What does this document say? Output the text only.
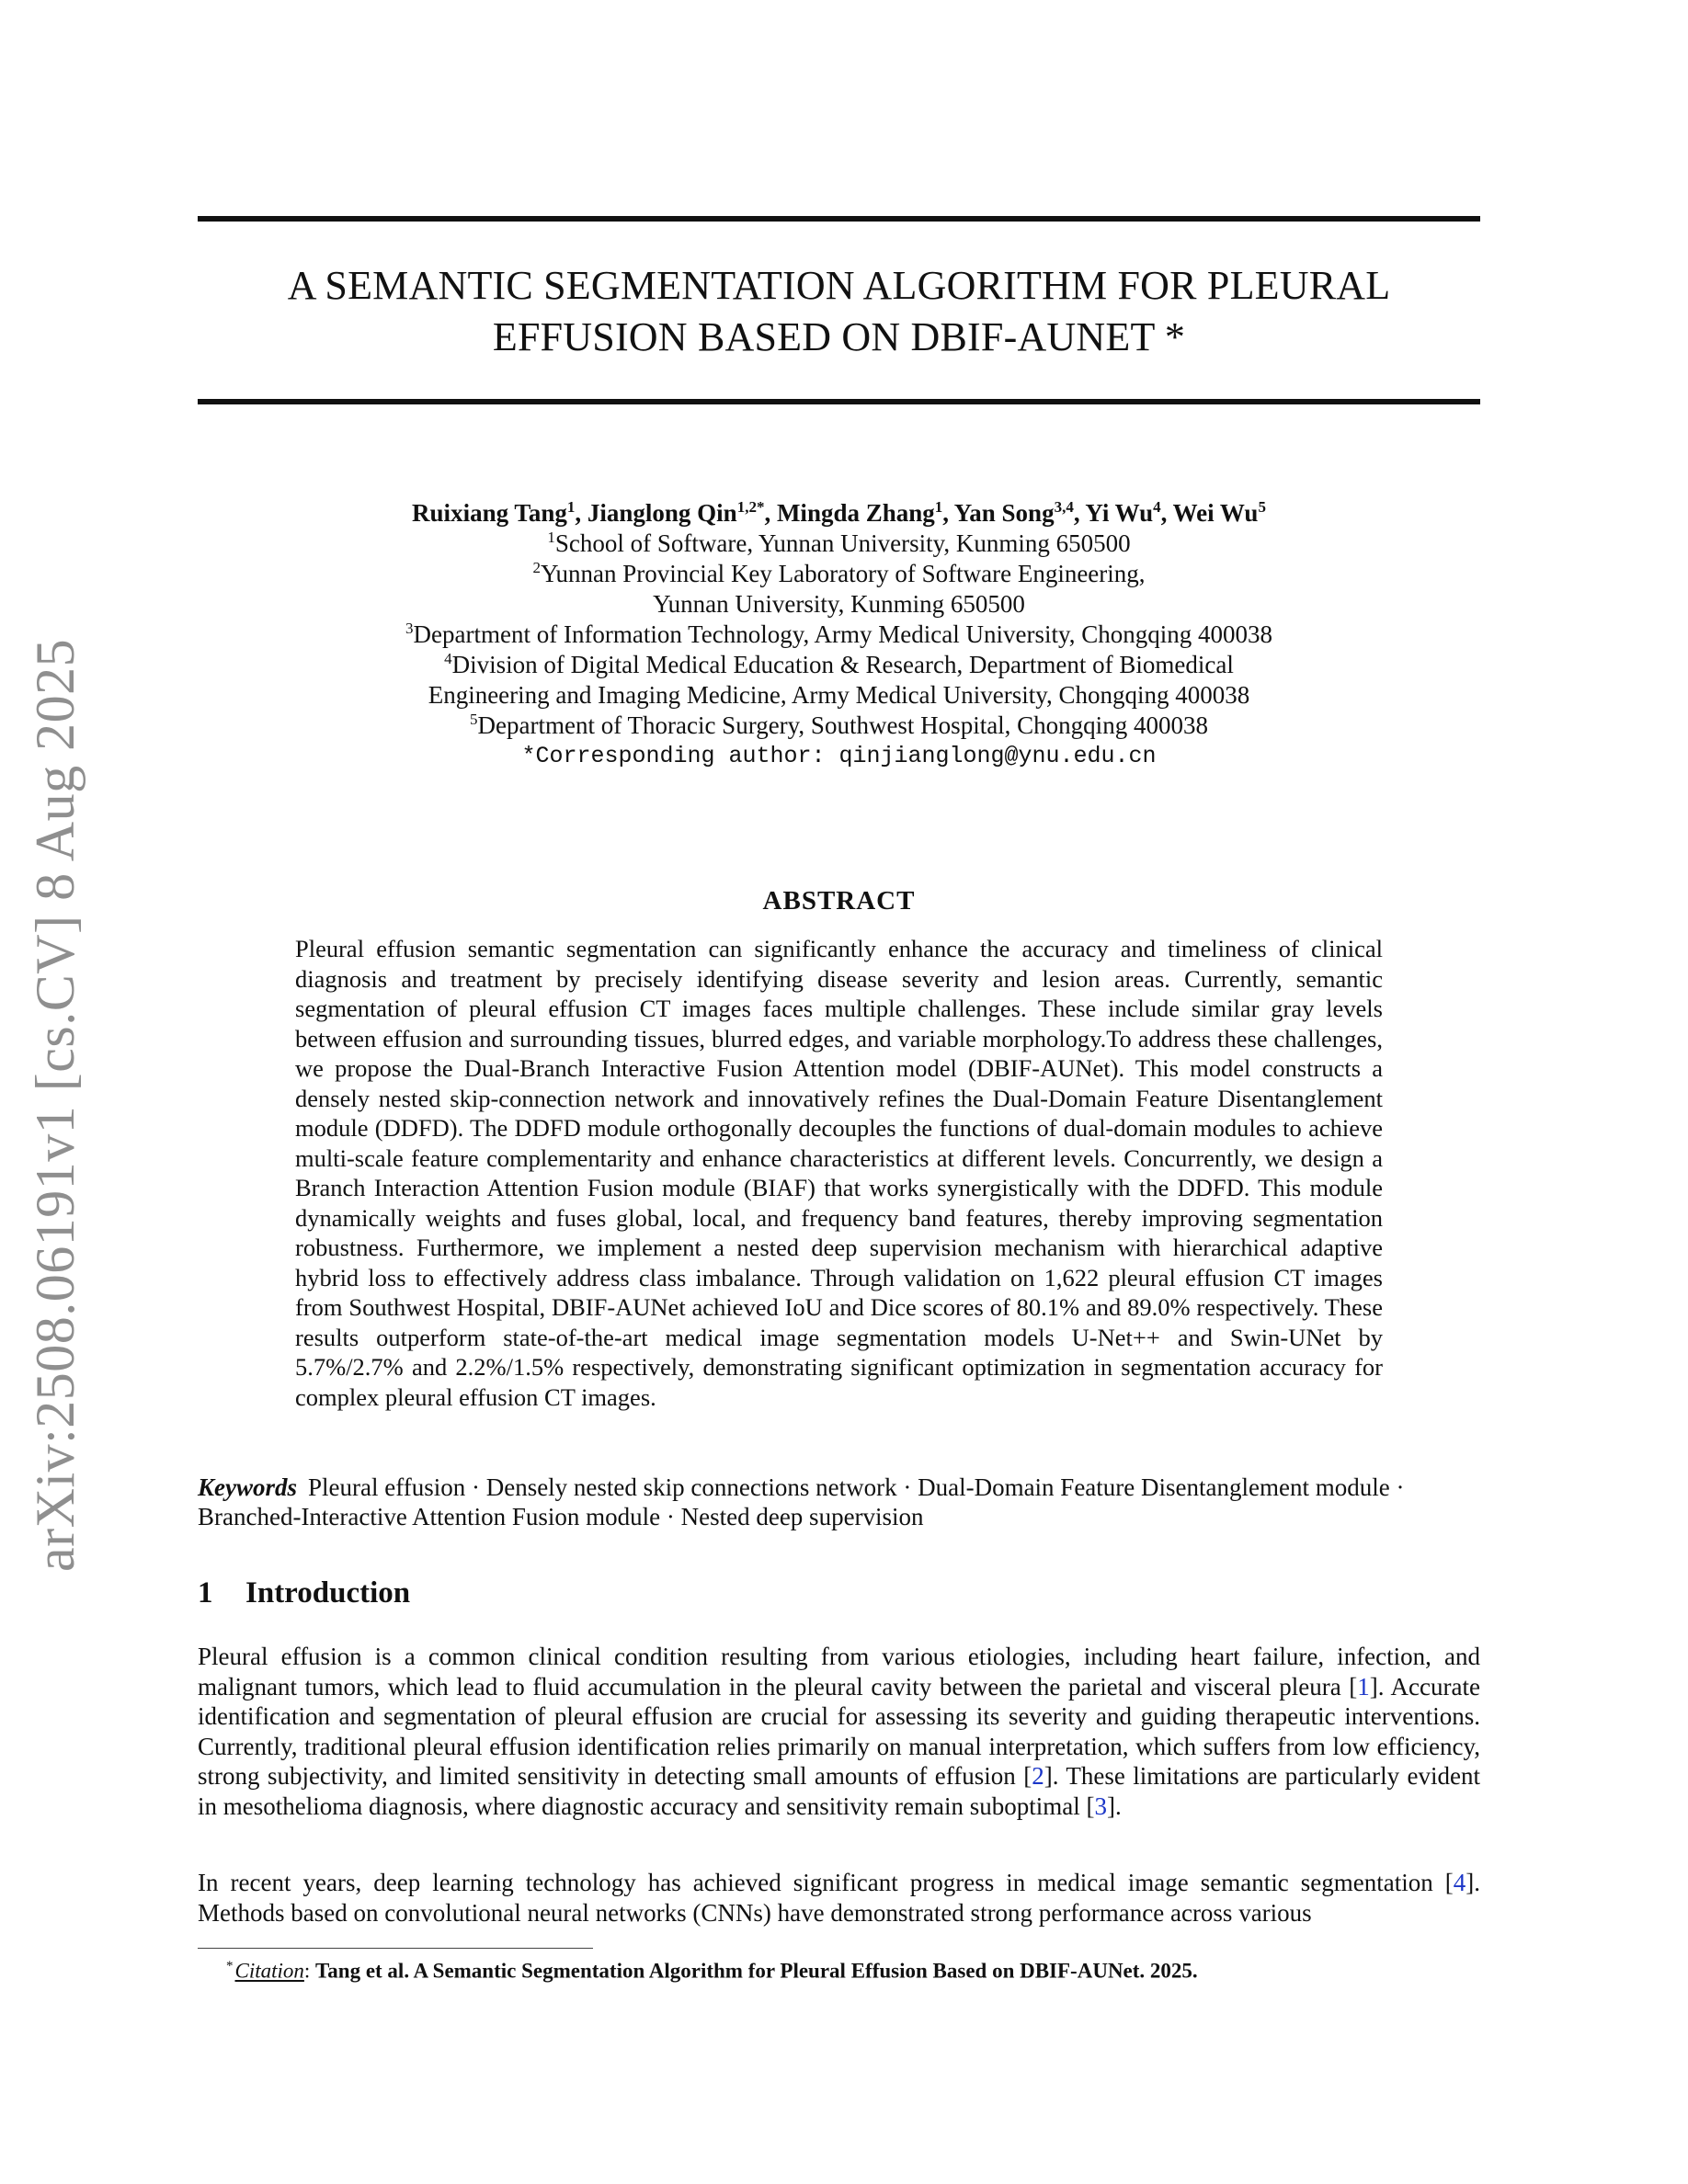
arXiv:2508.06191v1 [cs.CV] 8 Aug 2025
A SEMANTIC SEGMENTATION ALGORITHM FOR PLEURAL
EFFUSION BASED ON DBIF-AUNET *
Ruixiang Tang$^1$, Jianglong Qin$^{1,2*}$, Mingda Zhang$^1$, Yan Song$^{3,4}$, Yi Wu$^4$, Wei Wu$^5$
$^1$School of Software, Yunnan University, Kunming 650500
$^2$Yunnan Provincial Key Laboratory of Software Engineering,
Yunnan University, Kunming 650500
$^3$Department of Information Technology, Army Medical University, Chongqing 400038
$^4$Division of Digital Medical Education & Research, Department of Biomedical
Engineering and Imaging Medicine, Army Medical University, Chongqing 400038
$^5$Department of Thoracic Surgery, Southwest Hospital, Chongqing 400038
*Corresponding author: qinjianglong@ynu.edu.cn
ABSTRACT
Pleural effusion semantic segmentation can significantly enhance the accuracy and timeliness of clinical diagnosis and treatment by precisely identifying disease severity and lesion areas. Currently, semantic segmentation of pleural effusion CT images faces multiple challenges. These include similar gray levels between effusion and surrounding tissues, blurred edges, and variable morphology.To address these challenges, we propose the Dual-Branch Interactive Fusion Attention model (DBIF-AUNet). This model constructs a densely nested skip-connection network and innovatively refines the Dual-Domain Feature Disentanglement module (DDFD). The DDFD module orthogonally decouples the functions of dual-domain modules to achieve multi-scale feature complementarity and enhance characteristics at different levels. Concurrently, we design a Branch Interaction Attention Fusion module (BIAF) that works synergistically with the DDFD. This module dynamically weights and fuses global, local, and frequency band features, thereby improving segmentation robustness. Furthermore, we implement a nested deep supervision mechanism with hierarchical adaptive hybrid loss to effectively address class imbalance. Through validation on 1,622 pleural effusion CT images from Southwest Hospital, DBIF-AUNet achieved IoU and Dice scores of 80.1% and 89.0% respectively. These results outperform state-of-the-art medical image segmentation models U-Net++ and Swin-UNet by 5.7%/2.7% and 2.2%/1.5% respectively, demonstrating significant optimization in segmentation accuracy for complex pleural effusion CT images.
Keywords Pleural effusion · Densely nested skip connections network · Dual-Domain Feature Disentanglement module · Branched-Interactive Attention Fusion module · Nested deep supervision
1 Introduction
Pleural effusion is a common clinical condition resulting from various etiologies, including heart failure, infection, and malignant tumors, which lead to fluid accumulation in the pleural cavity between the parietal and visceral pleura [1]. Accurate identification and segmentation of pleural effusion are crucial for assessing its severity and guiding therapeutic interventions. Currently, traditional pleural effusion identification relies primarily on manual interpretation, which suffers from low efficiency, strong subjectivity, and limited sensitivity in detecting small amounts of effusion [2]. These limitations are particularly evident in mesothelioma diagnosis, where diagnostic accuracy and sensitivity remain suboptimal [3].
In recent years, deep learning technology has achieved significant progress in medical image semantic segmentation [4]. Methods based on convolutional neural networks (CNNs) have demonstrated strong performance across various
*Citation: Tang et al. A Semantic Segmentation Algorithm for Pleural Effusion Based on DBIF-AUNet. 2025.
